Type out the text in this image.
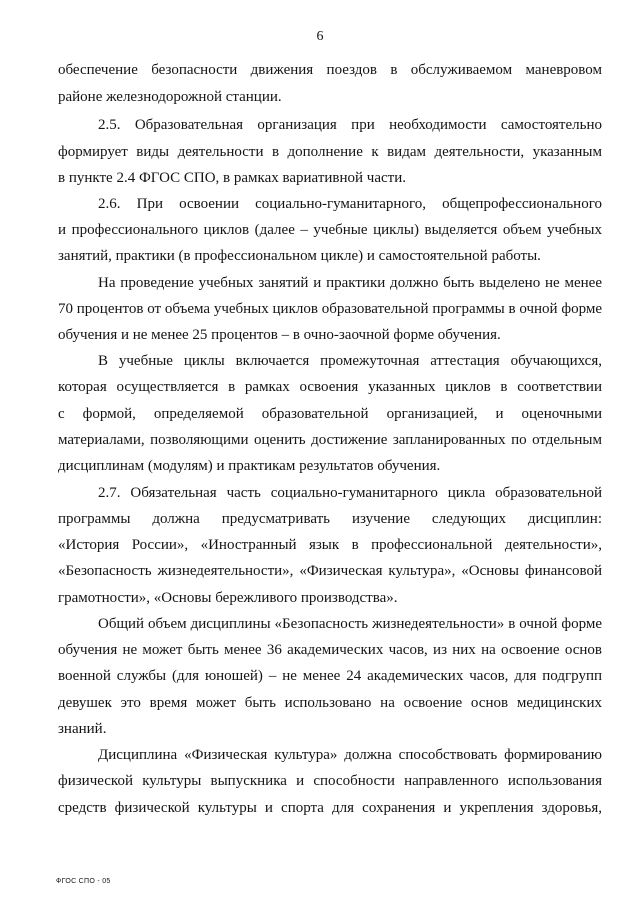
6
обеспечение безопасности движения поездов в обслуживаемом маневровом
районе железнодорожной станции.
2.5. Образовательная организация при необходимости самостоятельно
формирует виды деятельности в дополнение к видам деятельности, указанным
в пункте 2.4 ФГОС СПО, в рамках вариативной части.
2.6. При освоении социально-гуманитарного, общепрофессионального
и профессионального циклов (далее – учебные циклы) выделяется объем учебных
занятий, практики (в профессиональном цикле) и самостоятельной работы.
На проведение учебных занятий и практики должно быть выделено не менее
70 процентов от объема учебных циклов образовательной программы в очной форме
обучения и не менее 25 процентов – в очно-заочной форме обучения.
В учебные циклы включается промежуточная аттестация обучающихся,
которая осуществляется в рамках освоения указанных циклов в соответствии
с формой, определяемой образовательной организацией, и оценочными
материалами, позволяющими оценить достижение запланированных по отдельным
дисциплинам (модулям) и практикам результатов обучения.
2.7. Обязательная часть социально-гуманитарного цикла образовательной
программы должна предусматривать изучение следующих дисциплин:
«История России», «Иностранный язык в профессиональной деятельности»,
«Безопасность жизнедеятельности», «Физическая культура», «Основы финансовой
грамотности», «Основы бережливого производства».
Общий объем дисциплины «Безопасность жизнедеятельности» в очной форме
обучения не может быть менее 36 академических часов, из них на освоение основ
военной службы (для юношей) – не менее 24 академических часов, для подгрупп
девушек это время может быть использовано на освоение основ медицинских
знаний.
Дисциплина «Физическая культура» должна способствовать формированию
физической культуры выпускника и способности направленного использования
средств физической культуры и спорта для сохранения и укрепления здоровья,
ФГОС СПО - 05
